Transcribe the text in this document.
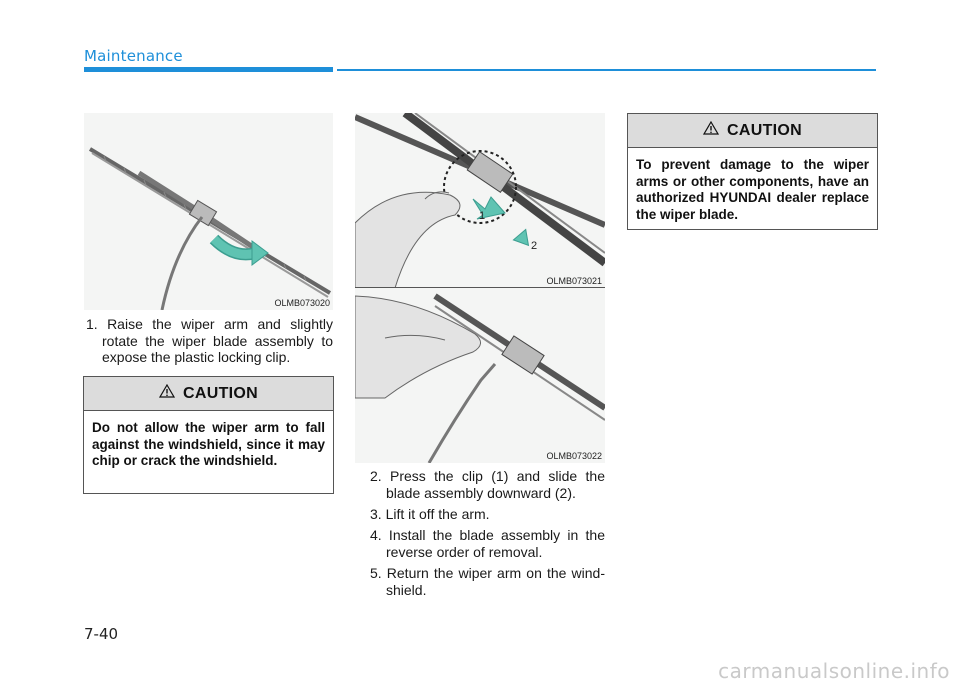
Maintenance
OLMB073020
1
2
OLMB073021
OLMB073022
1. Raise the wiper arm and slightly rotate the wiper blade assembly to expose the plastic locking clip.
2. Press the clip (1) and slide the blade assembly downward (2).
3. Lift it off the arm.
4. Install the blade assembly in the reverse order of removal.
5. Return the wiper arm on the wind-shield.
CAUTION
Do not allow the wiper arm to fall against the windshield, since it may chip or crack the windshield.
CAUTION
To prevent damage to the wiper arms or other components, have an authorized HYUNDAI dealer replace the wiper blade.
7-40
carmanualsonline.info
